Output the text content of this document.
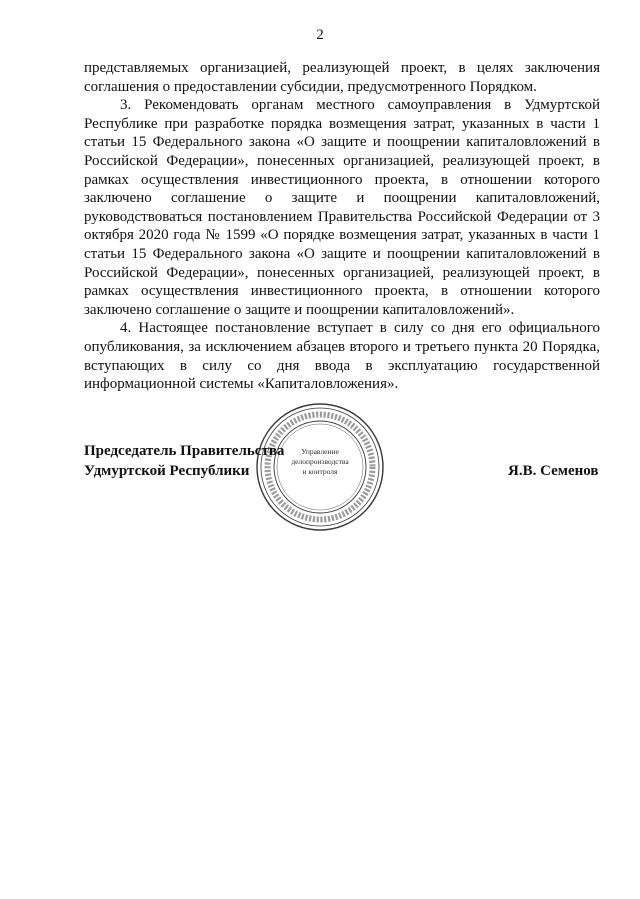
2

представляемых организацией, реализующей проект, в целях заключения соглашения о предоставлении субсидии, предусмотренного Порядком.

3. Рекомендовать органам местного самоуправления в Удмуртской Республике при разработке порядка возмещения затрат, указанных в части 1 статьи 15 Федерального закона «О защите и поощрении капиталовложений в Российской Федерации», понесенных организацией, реализующей проект, в рамках осуществления инвестиционного проекта, в отношении которого заключено соглашение о защите и поощрении капиталовложений, руководствоваться постановлением Правительства Российской Федерации от 3 октября 2020 года № 1599 «О порядке возмещения затрат, указанных в части 1 статьи 15 Федерального закона «О защите и поощрении капиталовложений в Российской Федерации», понесенных организацией, реализующей проект, в рамках осуществления инвестиционного проекта, в отношении которого заключено соглашение о защите и поощрении капиталовложений».

4. Настоящее постановление вступает в силу со дня его официального опубликования, за исключением абзацев второго и третьего пункта 20 Порядка, вступающих в силу со дня ввода в эксплуатацию государственной информационной системы «Капиталовложения».

Управление
делопроизводства
и контроля
Председатель Правительства
Удмуртской Республики	Я.В. Семенов
